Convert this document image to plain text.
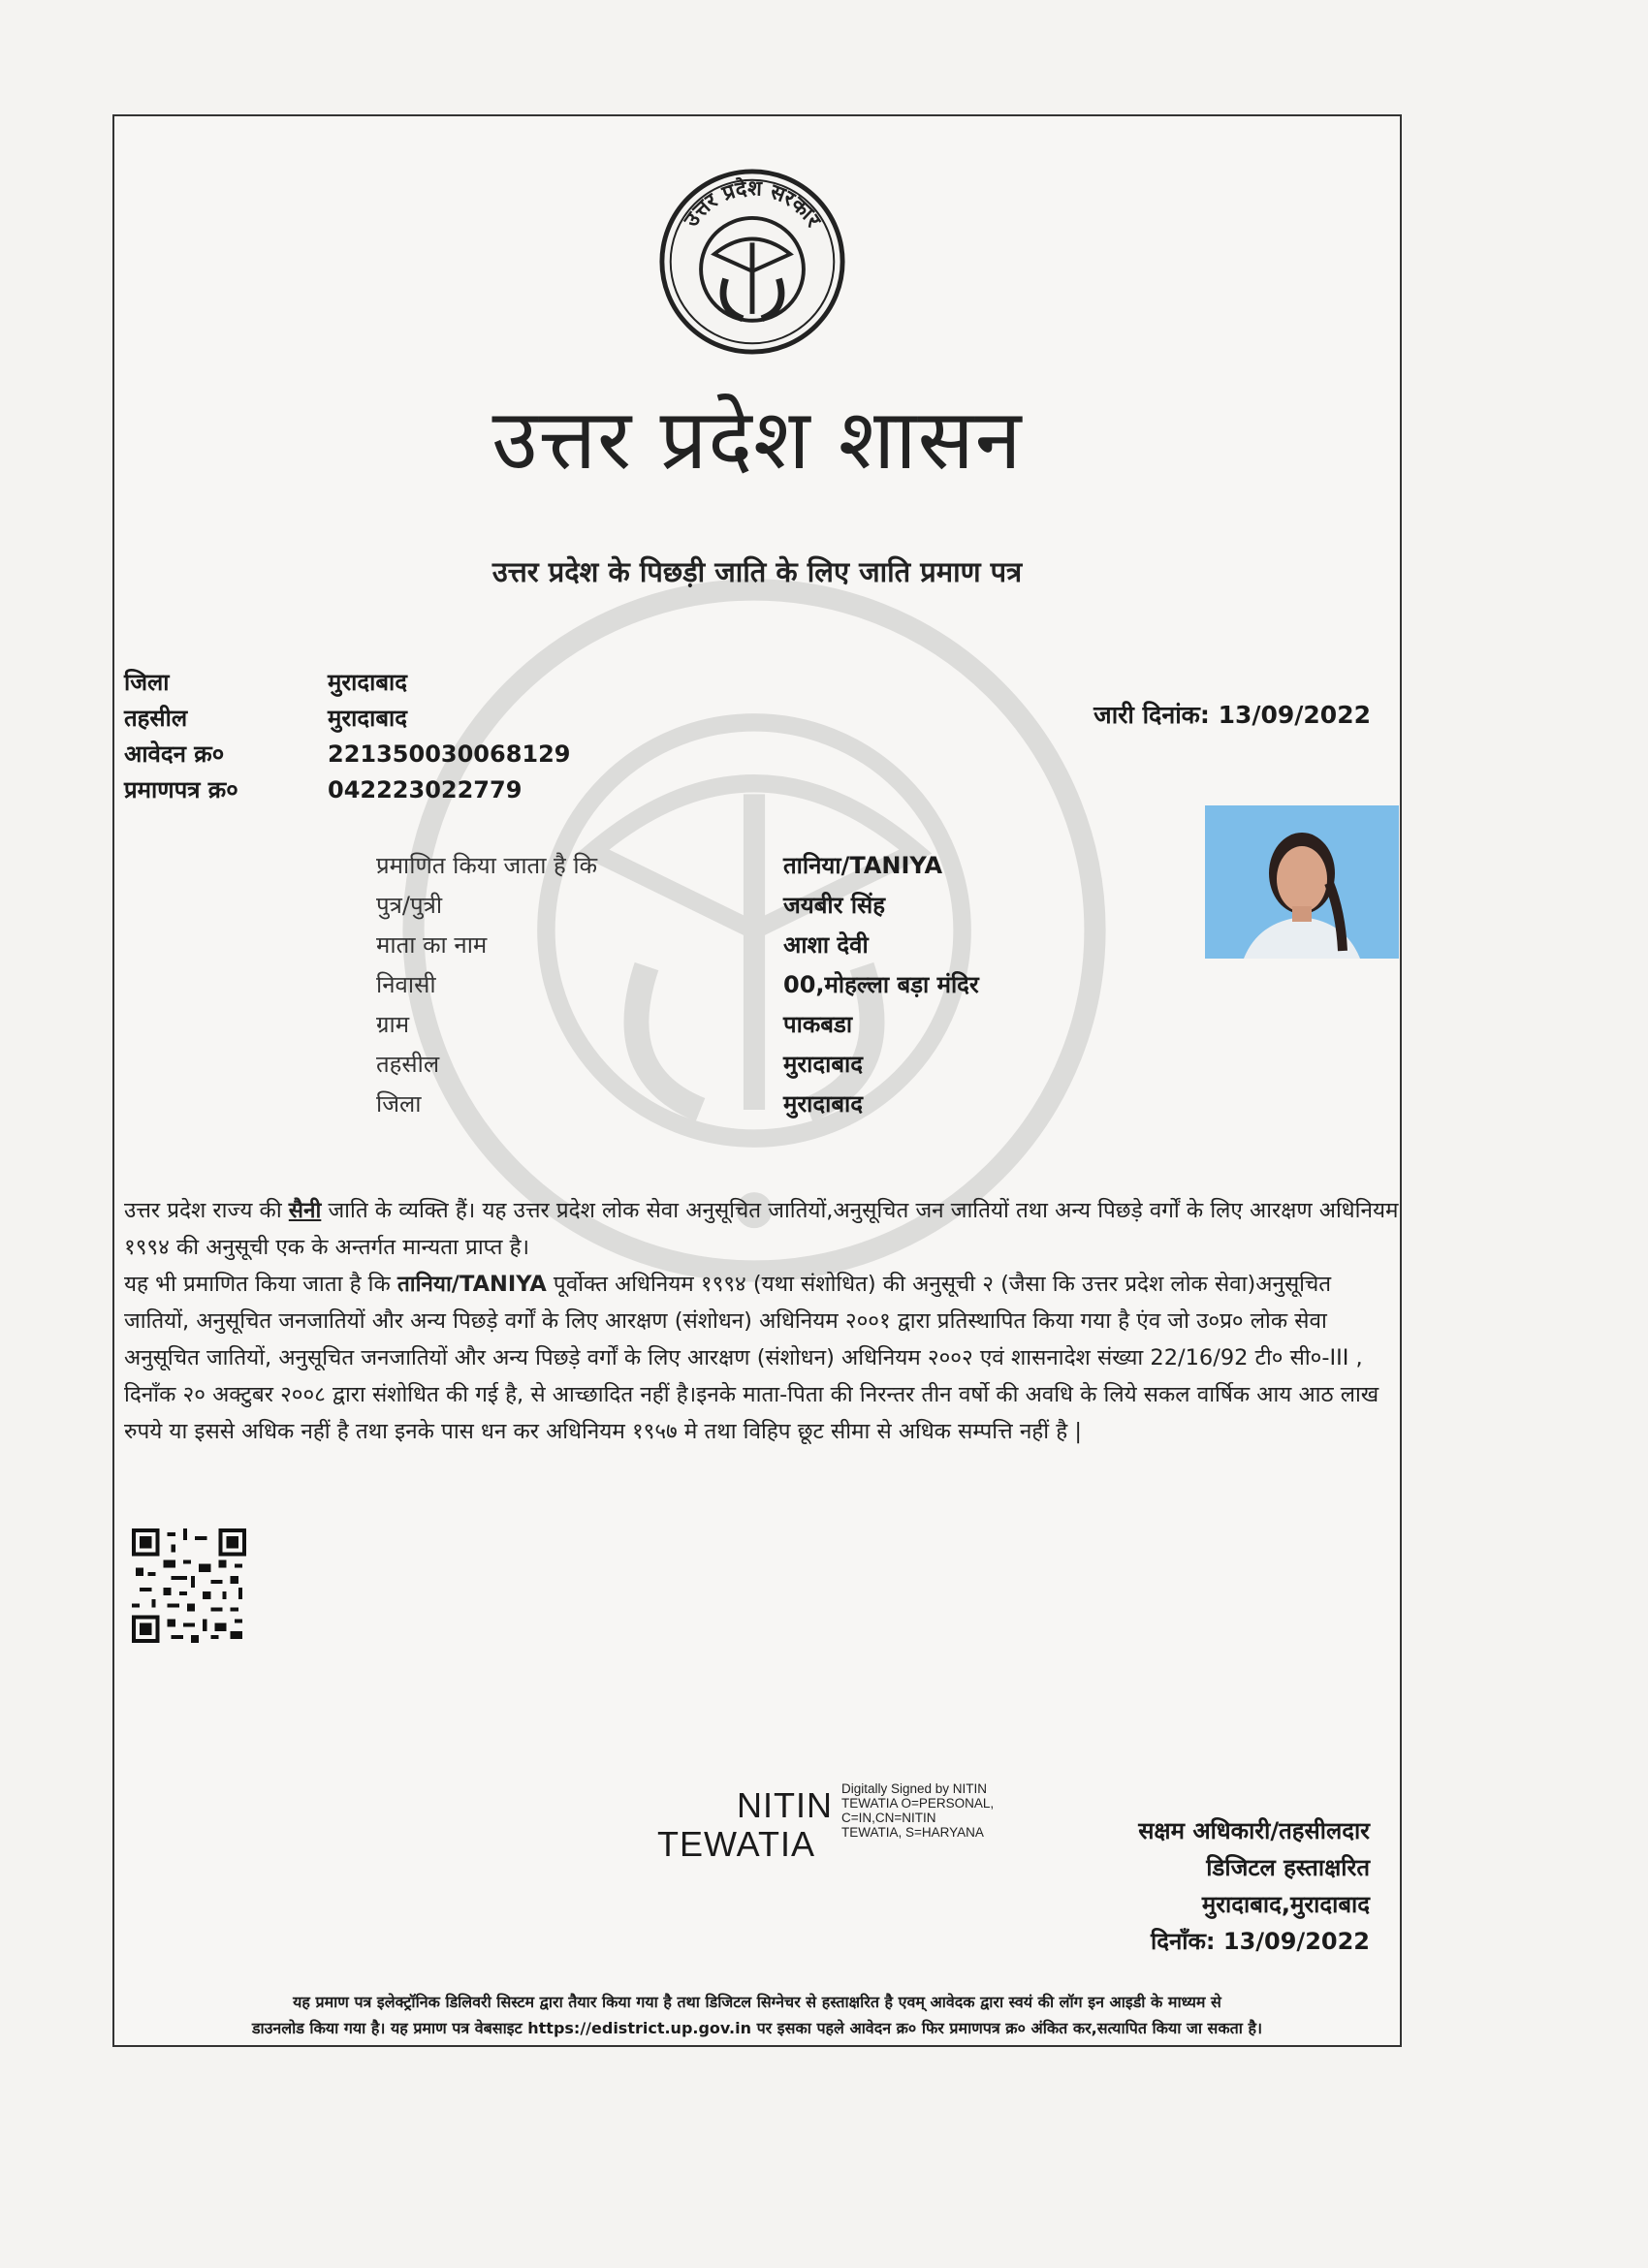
उत्तर प्रदेश सरकार
उत्तर प्रदेश शासन
उत्तर प्रदेश के पिछड़ी जाति के लिए जाति प्रमाण पत्र
जिला	मुरादाबाद
तहसील	मुरादाबाद
आवेदन क्र०	221350030068129
प्रमाणपत्र क्र०	042223022779
जारी दिनांक: 13/09/2022
प्रमाणित किया जाता है कि	तानिया/TANIYA
पुत्र/पुत्री	जयबीर सिंह
माता का नाम	आशा देवी
निवासी	00,मोहल्ला बड़ा मंदिर
ग्राम	पाकबडा
तहसील	मुरादाबाद
जिला	मुरादाबाद
उत्तर प्रदेश राज्य की सैनी जाति के व्यक्ति हैं। यह उत्तर प्रदेश लोक सेवा अनुसूचित जातियों,अनुसूचित जन जातियों तथा अन्य पिछड़े वर्गों के लिए आरक्षण अधिनियम १९९४ की अनुसूची एक के अन्तर्गत मान्यता प्राप्त है।
यह भी प्रमाणित किया जाता है कि तानिया/TANIYA पूर्वोक्त अधिनियम १९९४ (यथा संशोधित) की अनुसूची २ (जैसा कि उत्तर प्रदेश लोक सेवा)अनुसूचित जातियों, अनुसूचित जनजातियों और अन्य पिछड़े वर्गों के लिए आरक्षण (संशोधन) अधिनियम २००१ द्वारा प्रतिस्थापित किया गया है एंव जो उ०प्र० लोक सेवा अनुसूचित जातियों, अनुसूचित जनजातियों और अन्य पिछड़े वर्गों के लिए आरक्षण (संशोधन) अधिनियम २००२ एवं शासनादेश संख्या 22/16/92 टी० सी०-III , दिनाँक २० अक्टुबर २००८ द्वारा संशोधित की गई है, से आच्छादित नहीं है।इनके माता-पिता की निरन्तर तीन वर्षो की अवधि के लिये सकल वार्षिक आय आठ लाख रुपये या इससे अधिक नहीं है तथा इनके पास धन कर अधिनियम १९५७ मे तथा विहिप छूट सीमा से अधिक सम्पत्ति नहीं है |
NITIN
TEWATIA
Digitally Signed by NITIN
TEWATIA O=PERSONAL,
C=IN,CN=NITIN
TEWATIA, S=HARYANA	सक्षम अधिकारी/तहसीलदार
डिजिटल हस्ताक्षरित
मुरादाबाद,मुरादाबाद
दिनाँक: 13/09/2022
यह प्रमाण पत्र इलेक्ट्रॉनिक डिलिवरी सिस्टम द्वारा तैयार किया गया है तथा डिजिटल सिग्नेचर से हस्ताक्षरित है एवम् आवेदक द्वारा स्वयं की लॉग इन आइडी के माध्यम से
डाउनलोड किया गया है। यह प्रमाण पत्र वेबसाइट https://edistrict.up.gov.in पर इसका पहले आवेदन क्र० फिर प्रमाणपत्र क्र० अंकित कर,सत्यापित किया जा सकता है।
